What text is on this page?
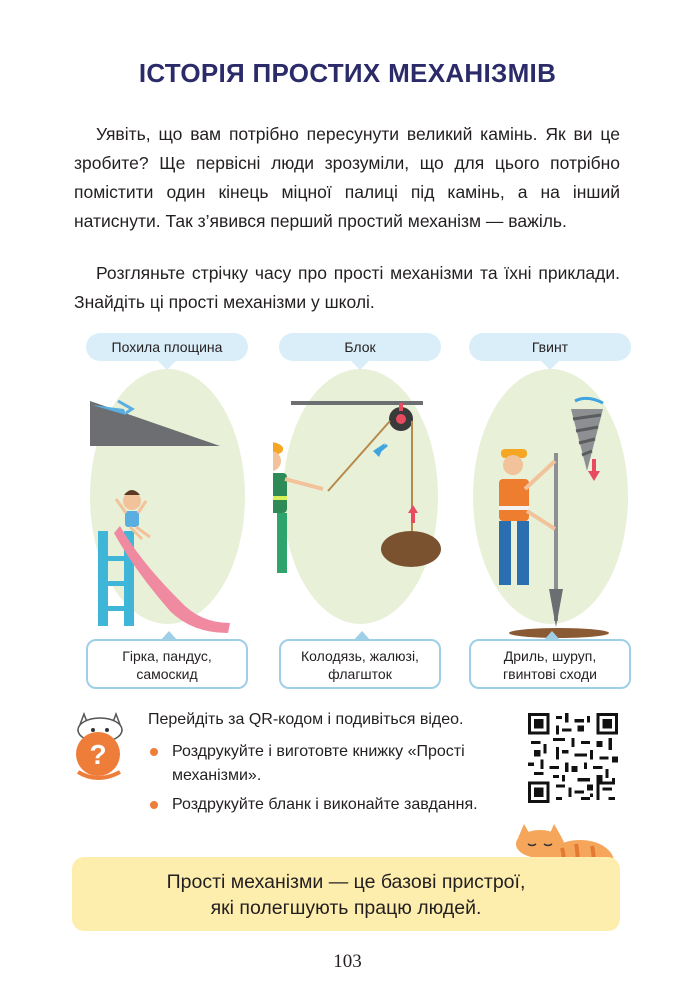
ІСТОРІЯ ПРОСТИХ МЕХАНІЗМІВ

Уявіть, що вам потрібно пересунути великий камінь. Як ви це зробите? Ще первісні люди зрозуміли, що для цього потрібно помістити один кінець міцної палиці під камінь, а на інший натиснути. Так з’явився перший простий механізм — важіль.

Розгляньте стрічку часу про прості механізми та їхні приклади. Знайдіть ці прості механізми у школі.

Похила площина
Гірка, пандус,
самоскид
Блок
Колодязь, жалюзі,
флагшток
Гвинт
Дриль, шуруп,
гвинтові сходи
?
Перейдіть за QR-кодом і подивіться відео.
Роздрукуйте і виготовте книжку «Прості механізми».
Роздрукуйте бланк і виконайте завдання.
Прості механізми — це базові пристрої,
які полегшують працю людей.
103
